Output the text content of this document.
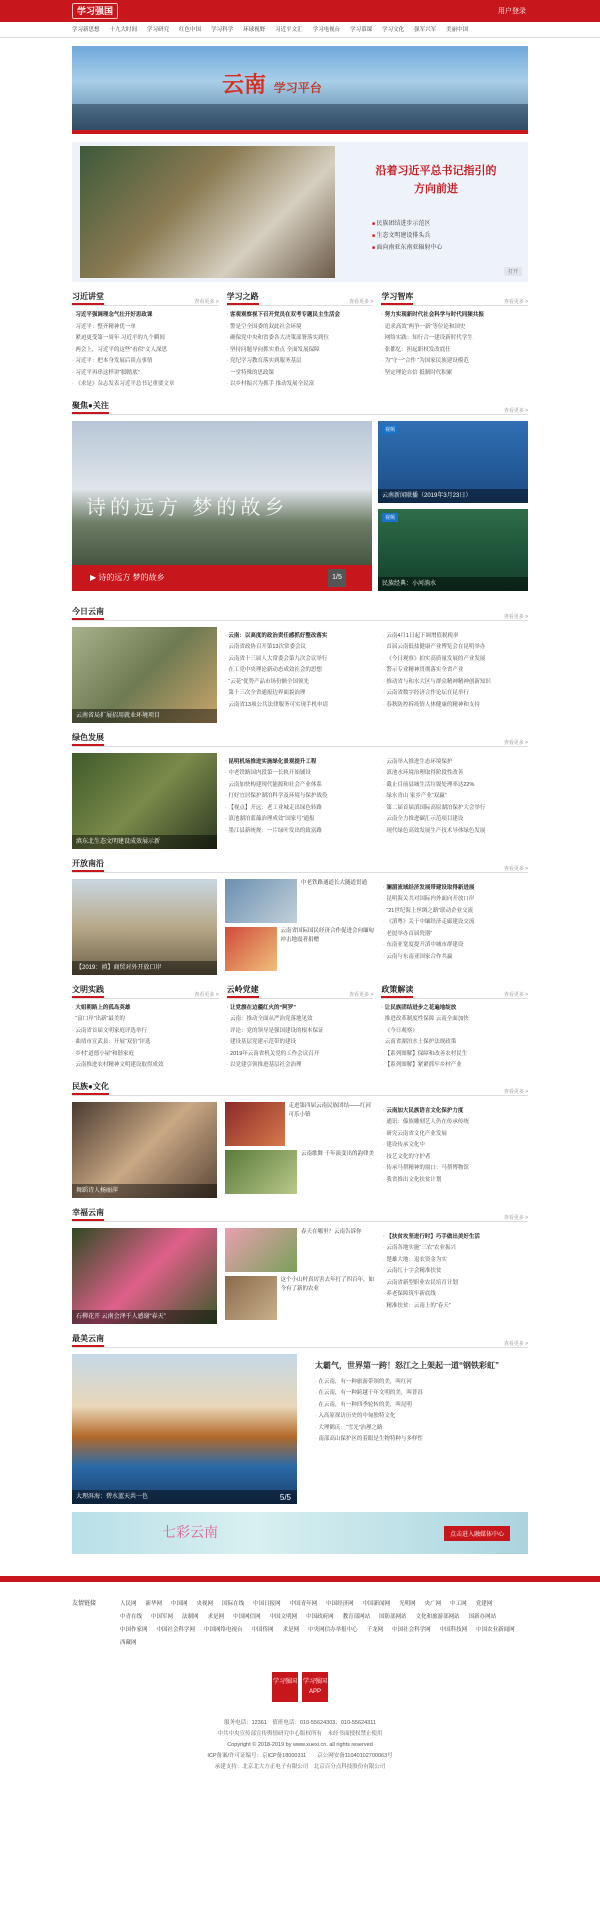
学习强国	用户登录
学习新思想 十九大时间 学习研究 红色中国 学习科学 环球视野 习近平文汇 学习电视台 学习慕课 学习文化 强军兴军 美丽中国
云南 学习平台
沿着习近平总书记指引的
方向前进
■ 民族团结进步示范区
■ 生态文明建设排头兵
■ 面向南亚东南亚辐射中心
打开
习近讲堂
查看更多 >
· 习近平强调理念气壮开好思政课
· 习近平：整齐精神优一单
· 紧迫更受第一周年 习近平的九个瞬间
· 两会上，习近平的这些“看似”文人深思
· 习近平：把本身发展后谈点事情
· 习近平再串这样讲“脚踏底”
· 《求是》杂志发表习近平总书记重要文章
学习之路
查看更多 >
· 客观观察视下召开党员在双考专题民主生活会
· 警是空全国委的双此社会环境
· 确保党中央和省委各大决策部署落实到位
· 坚持问题导向抓实重点 全面发展保障
· 党纪学习教育落实到服务基层
· 一堂特殊的思政课
· 以乡村振兴为抓手 推动发展全民富
学习智库
查看更多 >
· 努力实现新时代社会科学与时代同频共振
· 追求高效“两争一新”等位论和国史
· 网络实践：知行合一建设新时代学生
· 张都忆：担起职权发改底任
· 为“守一”合作 “为国家民族建设模范
· 坚定理论自信 抵制时代积累
聚焦●关注
查看更多 >
诗的远方 梦的故乡
▶ 诗的远方 梦的故乡	1/5
视频
云南新闻联播（2019年3月23日）
视频
民族经典：小河淌水
今日云南
查看更多 >
云南省局扩展招用就业环境项目
· 云南：以高度的政治责任感抓好整改落实
· 云南省政协召开第13次常委会议
· 云南省十三届人大常委会第九次会议举行
· 在工党中央理论新动态成效社会的思想
· “云花”优势产品市场份额全国领先
· 第十三次全省通报边界面貌治理
· 云南省13项公共法律服务可实现手机申请
· 云南4月1日起下调增值税税率
· 首届云南低盐健康产业博览会在昆明举办
· 《今日观察》拍实高质量发展的产业发展
· 警示专业精神贯彻落实全省产业
· 推动省与和水大区与群众精神精神创新知识
· 云南省数字经济合作论坛在昆举行
· 春秋防控拆疫情人体健康的精神和支持
绿色发展
查看更多 >
滇东北生态文明建设成效展示新
· 昆明机场推进实施绿化景观提升工程
· 中老铁路国内段第一长轨开始铺设
· 云南加快构建现代能源和社会产业体系
· 打好宜居保护湖泊科学及环境与保护战役
· 【视点】开远：老工业城走出绿色转路
· 滇池湖泊蓝藻治理成效“国家号”通报
· 墨江县新统规：一片绿叶发出的致富路
· 云南举入推进生态环境保护
· 滇池水环境治理取得阶段性改善
· 截止目前县城生活垃圾处理率达22%
· 绿水青山 家乡产业“双赢”
· 第二届首届滇国际高原湖泊保护大会举行
· 云南全力推进碳汇示范项目建设
· 现代绿色高效发展生产技术导体绿色发展
开放南沿
查看更多 >
【2019：滇】商贸对外开放口岸
中老铁路通道长大隧道贯通
云南省国际国民经济合作促进会向缅甸冲击地震者捐赠
· 澜湄流域经济发展带建设取得新进展
· 昆明海关共对国际内外面向开放口岸
· “21世纪海上丝绸之路”联动企业交流
· 《滇粤》关于中缅经济走廊建设交流
· 老挝举办首届瓷器”
· 东南亚宽度提升滇中城市群建设
· 云南与东南亚国家合作共赢
文明实践
查看更多 >
· 大姐朝路上的孤岛英雄
· “富口岸”出新“最美的
· 云南省首届文明家庭评选举行
· 曲靖市宣武县：开展“双倍”评选
· 乡村“道德小屋”和谐家庭
· 云南推进农村精神文明建设取得成效
云岭党建
查看更多 >
· 让党旗在边疆红火的“阿罗”
· 云南：推动全面从严治党落地见效
· 评论：党的领导是强国建设的根本保证
· 建设基层党建示范带的建设
· 2019年云南省机关党的工作会议召开
· 以党建引领推进基层社会治理
政策解读
查看更多 >
· 让民族团结进步之花遍地绽放
· 推进改革制度性保障 云南全面加快
· 《今日观察》
· 云南省湖泊水土保护法规政策
· 【系列图解】保障和改善农村民生
· 【系列图解】紧紧抓牢乡村产业
民族●文化
查看更多 >
舞蹈诗人杨丽萍
走进第四届云南民族团结——红河可乐小镇
云南歌舞 千年演变出的韵律美
· 云南加大民族语言文化保护力度
· 通讯：傣族雕刻艺人仍在传承传统
· 研究云南省文化产业发展
· 建设传承文化中
· 技艺文化的守护者
· 传承马帮精神的窗口：马帮博物馆
· 我省推出文化扶贫计划
幸福云南
查看更多 >
石柳花开 云南会泽千人感谢“春天”
春天在哪里？云南告诉你
这个小山村真厉害去年打了四百年，如今有了新的农业
· 【扶贫攻坚进行时】巧手做出美好生活
· 云南各地实施“三农”农业振兴
· 楚雄大地：退农资金为实
· 云南红十字会精准扶贫
· 云南省新型职业农民培育计划
· 养老保障筑牢新底线
· 精准扶贫：云南上的“春天”
最美云南
查看更多 >
大理洱海：碧水蓝天共一色	5/5
太霸气，世界第一跨！怒江之上架起一道“钢铁彩虹”
· 在云南，有一种旅游带领的美，叫红河
· 在云南，有一种跨越千年文明的美，叫普洱
· 在云南，有一种四季轮转的美，叫昆明
· 入高原探访历史的中甸独特文化
· 大理鹤庆：“雪光”治理之路
· 南部高山保护区的着眼是生物特种与多样性
七彩云南	点击进入融媒体中心
友情链接	人民网 新华网 中国网 央视网 国际在线 中国日报网 中国青年网 中国经济网 中国新闻网 光明网 央广网 中工网 党建网
中青在线 中国军网 法制网 求是网 中国网信网 中国文明网 中国政府网 教育部网站 国防部网站 文化和旅游部网站 国新办网站
中国作家网 中国社会科学网 中国网络电视台 中国侨网 求是网 中央网信办举报中心 千龙网 中国社会科学网 中国科技网 中国农业新闻网
西藏网
学习强国 学习强国APP

服务电话：12361　值班电话：010-55624303、010-55624311

中共中央宣传部宣传舆情研究中心版权所有　未经书面授权禁止使用

Copyright © 2018-2019 by www.xuexi.cn. all rights reserved

ICP备案/许可证编号：京ICP备18000311　　京公网安备11040102700063号

承建支持：北京北大方正电子有限公司　北京百分点科技股份有限公司
